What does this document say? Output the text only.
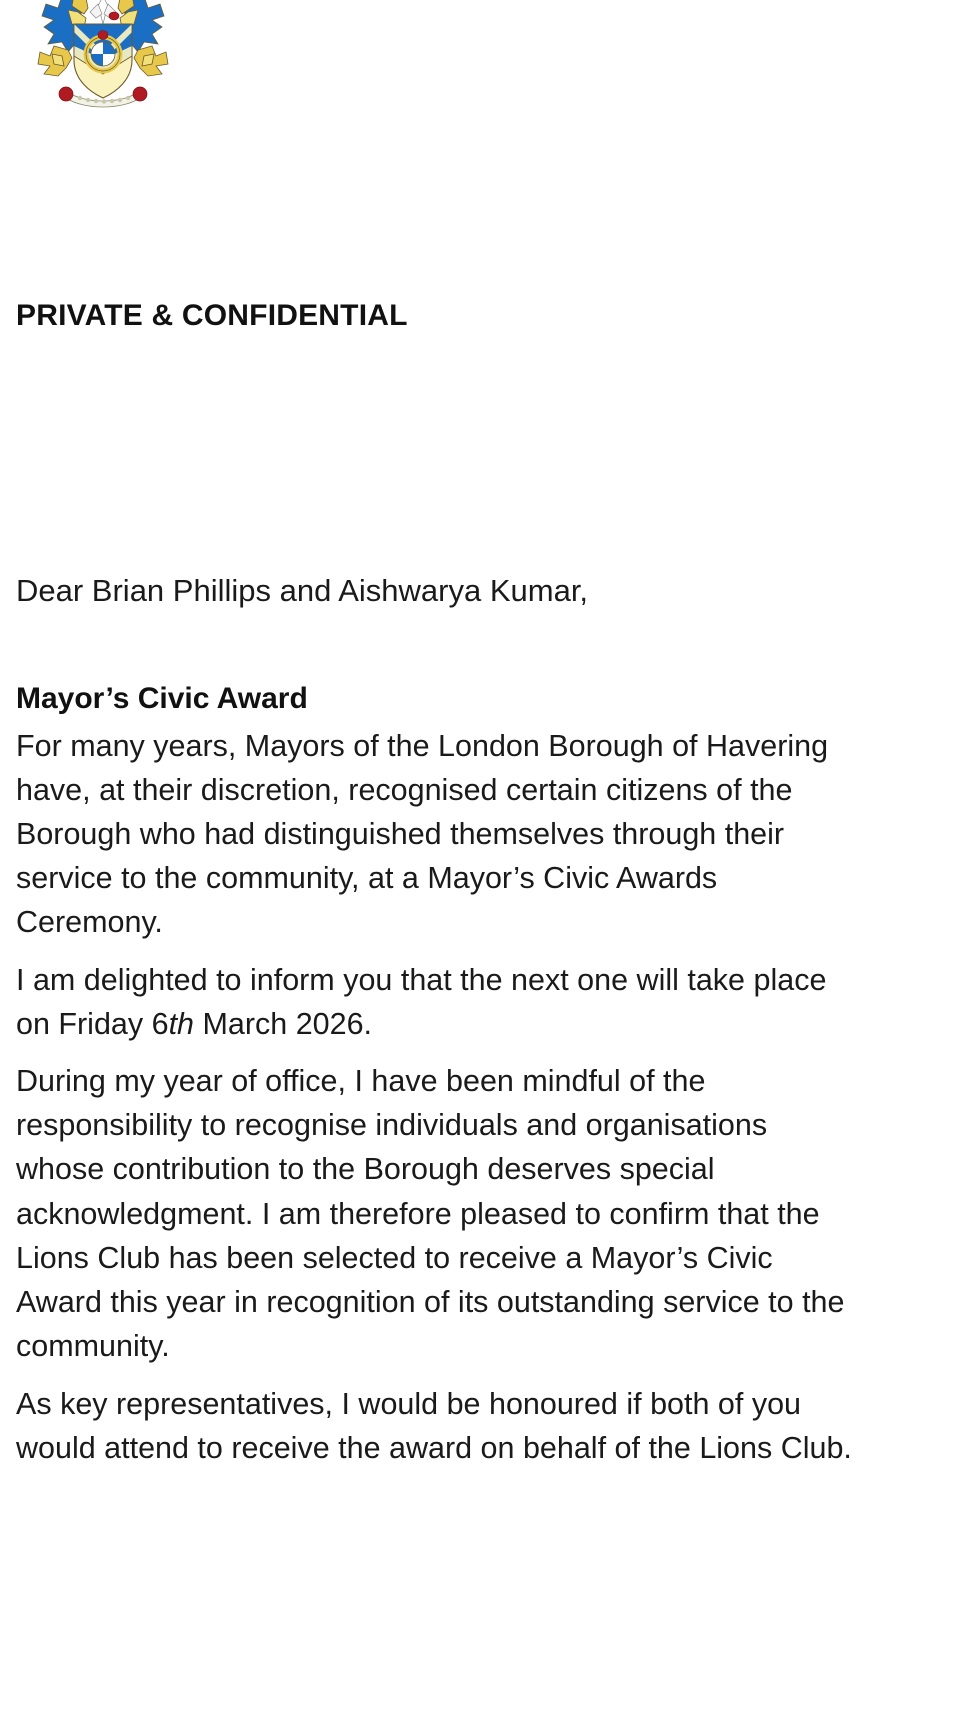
PRIVATE & CONFIDENTIAL
Dear Brian Phillips and Aishwarya Kumar,
Mayor’s Civic Award

For many years, Mayors of the London Borough of Havering have, at their discretion, recognised certain citizens of the Borough who had distinguished themselves through their service to the community, at a Mayor’s Civic Awards Ceremony.

I am delighted to inform you that the next one will take place on Friday 6th March 2026.

During my year of office, I have been mindful of the responsibility to recognise individuals and organisations whose contribution to the Borough deserves special acknowledgment. I am therefore pleased to confirm that the Lions Club has been selected to receive a Mayor’s Civic Award this year in recognition of its outstanding service to the community.

As key representatives, I would be honoured if both of you would attend to receive the award on behalf of the Lions Club.
